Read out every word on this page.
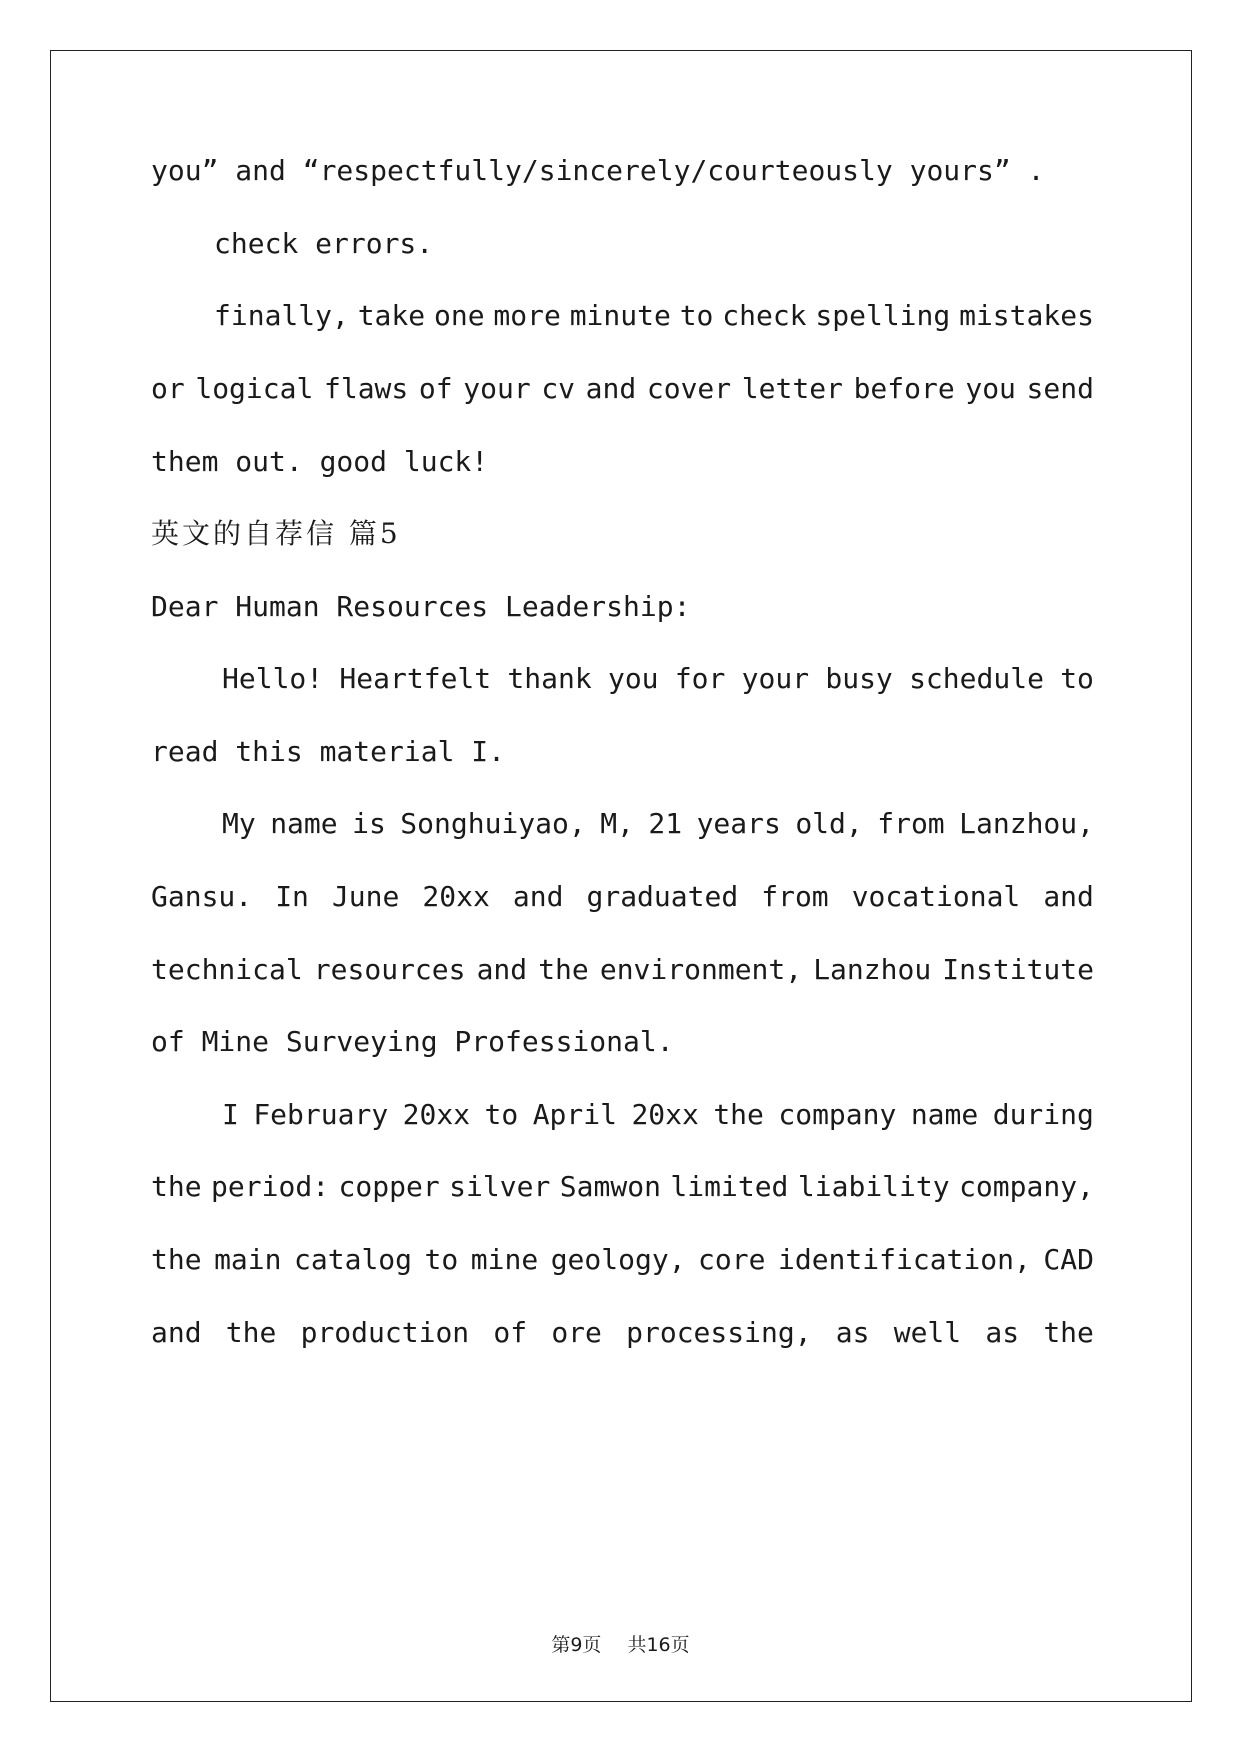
you” and “respectfully/sincerely/courteously yours” .
check errors.
finally, take one more minute to check spelling mistakes
or logical flaws of your cv and cover letter before you send
them out. good luck!
英文的自荐信 篇5
Dear Human Resources Leadership:
Hello! Heartfelt thank you for your busy schedule to
read this material I.
My name is Songhuiyao, M, 21 years old, from Lanzhou,
Gansu. In June 20xx and graduated from vocational and
technical resources and the environment, Lanzhou Institute
of Mine Surveying Professional.
I February 20xx to April 20xx the company name during
the period: copper silver Samwon limited liability company,
the main catalog to mine geology, core identification, CAD
and the production of ore processing, as well as the
第9页 共16页
